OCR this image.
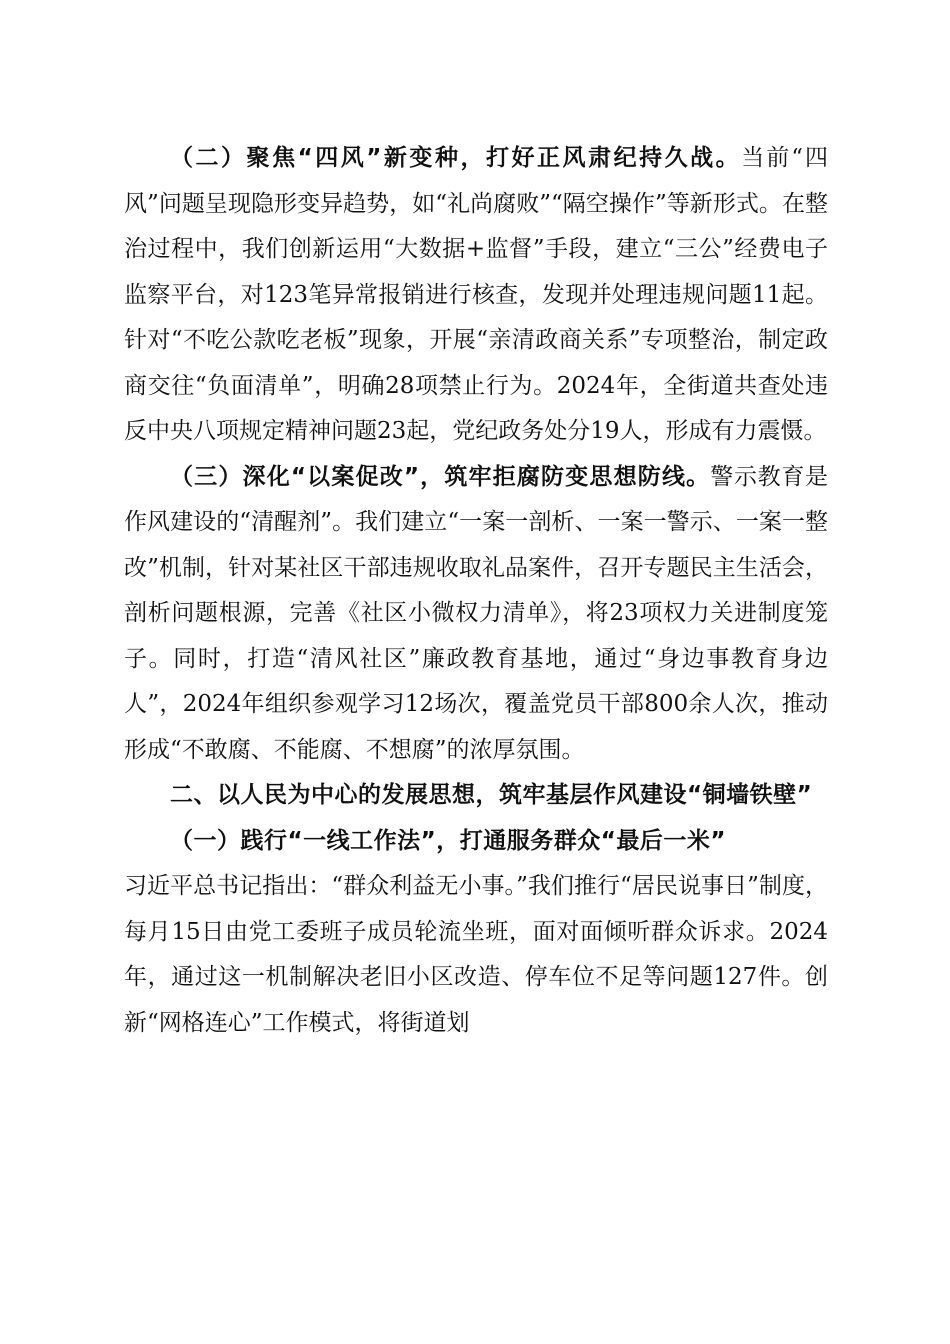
（二）聚焦“四风”新变种，打好正风肃纪持久战。当前“四风”问题呈现隐形变异趋势，如“礼尚腐败”“隔空操作”等新形式。在整治过程中，我们创新运用“大数据+监督”手段，建立“三公”经费电子监察平台，对123笔异常报销进行核查，发现并处理违规问题11起。针对“不吃公款吃老板”现象，开展“亲清政商关系”专项整治，制定政商交往“负面清单”，明确28项禁止行为。2024年，全街道共查处违反中央八项规定精神问题23起，党纪政务处分19人，形成有力震慑。

（三）深化“以案促改”，筑牢拒腐防变思想防线。警示教育是作风建设的“清醒剂”。我们建立“一案一剖析、一案一警示、一案一整改”机制，针对某社区干部违规收取礼品案件，召开专题民主生活会，剖析问题根源，完善《社区小微权力清单》，将23项权力关进制度笼子。同时，打造“清风社区”廉政教育基地，通过“身边事教育身边人”，2024年组织参观学习12场次，覆盖党员干部800余人次，推动形成“不敢腐、不能腐、不想腐”的浓厚氛围。

二、以人民为中心的发展思想，筑牢基层作风建设“铜墙铁壁”

（一）践行“一线工作法”，打通服务群众“最后一米”

习近平总书记指出：“群众利益无小事。”我们推行“居民说事日”制度，每月15日由党工委班子成员轮流坐班，面对面倾听群众诉求。2024年，通过这一机制解决老旧小区改造、停车位不足等问题127件。创新“网格连心”工作模式，将街道划
